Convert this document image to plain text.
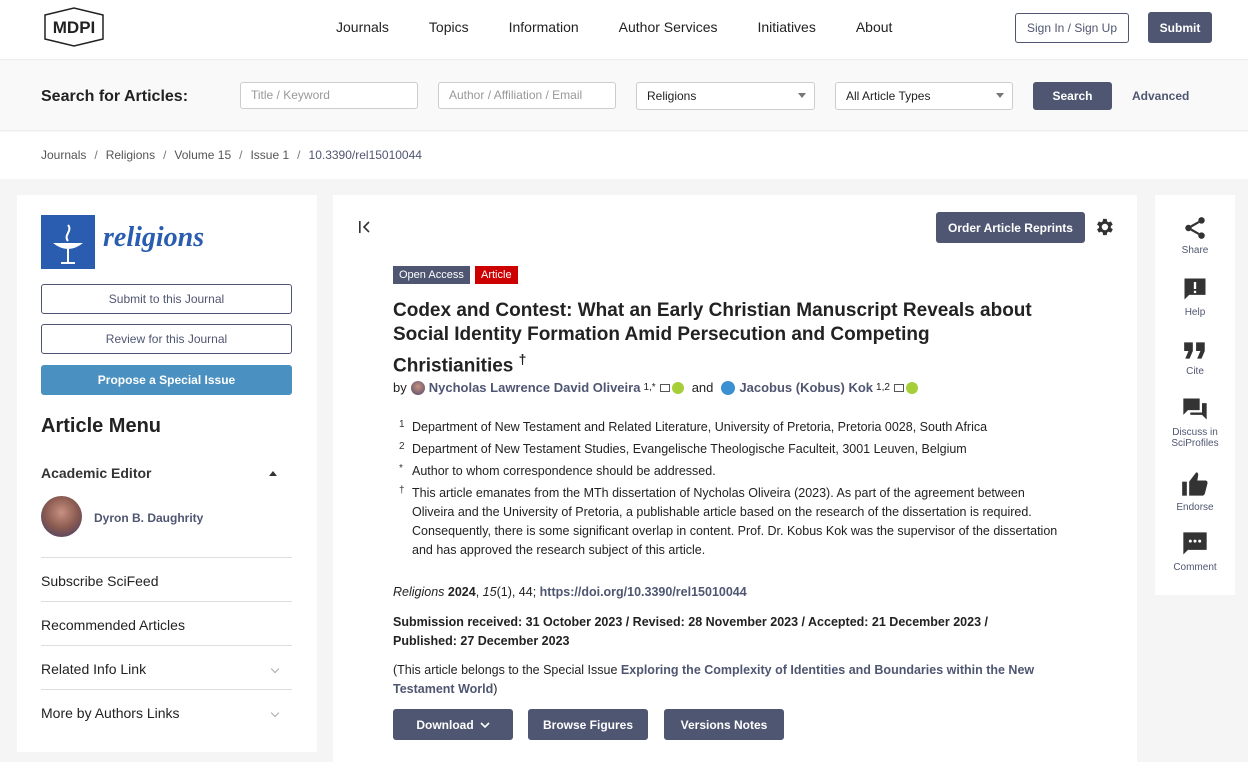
MDPI	Journals	Topics	Information	Author Services	Initiatives	About	Sign In / Sign Up	Submit
Search for Articles:	Title / Keyword	Author / Affiliation / Email	Religions	All Article Types	Search	Advanced
Journals / Religions / Volume 15 / Issue 1 / 10.3390/rel15010044
religions
Submit to this Journal
Review for this Journal
Propose a Special Issue
Article Menu
Academic Editor
Dyron B. Daughrity
Subscribe SciFeed
Recommended Articles
Related Info Link
More by Authors Links
Order Article Reprints
Open Access	Article
Codex and Contest: What an Early Christian Manuscript Reveals about Social Identity Formation Amid Persecution and Competing Christianities †
by Nycholas Lawrence David Oliveira 1,*	and Jacobus (Kobus) Kok 1,2
1 Department of New Testament and Related Literature, University of Pretoria, Pretoria 0028, South Africa
2 Department of New Testament Studies, Evangelische Theologische Faculteit, 3001 Leuven, Belgium
* Author to whom correspondence should be addressed.
† This article emanates from the MTh dissertation of Nycholas Oliveira (2023). As part of the agreement between Oliveira and the University of Pretoria, a publishable article based on the research of the dissertation is required. Consequently, there is some significant overlap in content. Prof. Dr. Kobus Kok was the supervisor of the dissertation and has approved the research subject of this article.
Religions 2024, 15(1), 44; https://doi.org/10.3390/rel15010044
Submission received: 31 October 2023 / Revised: 28 November 2023 / Accepted: 21 December 2023 / Published: 27 December 2023
(This article belongs to the Special Issue Exploring the Complexity of Identities and Boundaries within the New Testament World)
Download	Browse Figures	Versions Notes
Share
Help
Cite
Discuss in SciProfiles
Endorse
Comment
